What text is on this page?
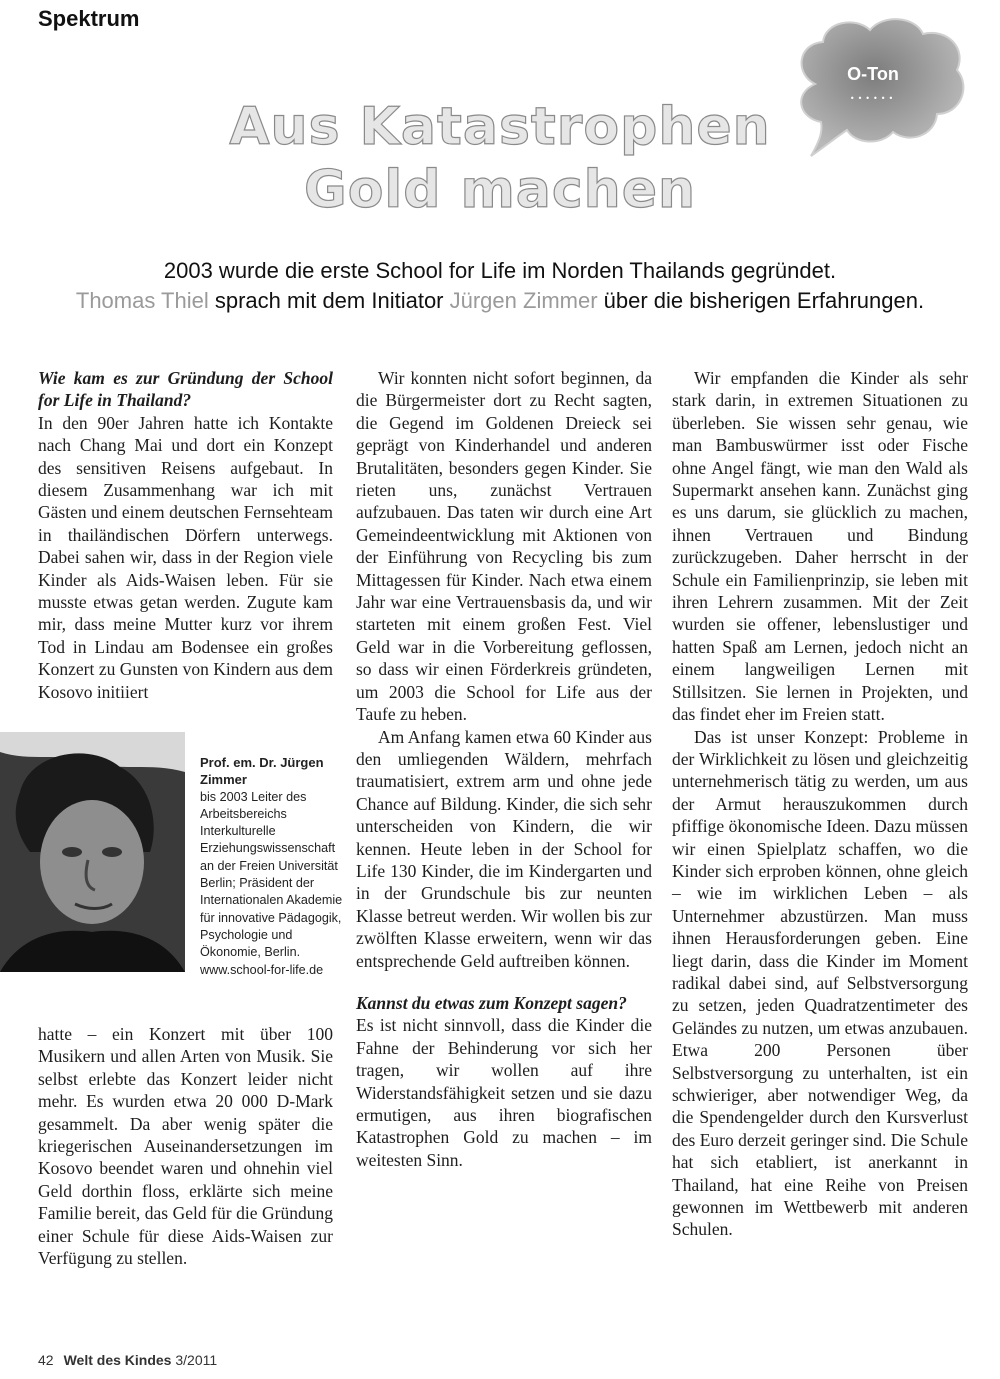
Spektrum
O-Ton
••••••
Aus Katastrophen
Gold machen
2003 wurde die erste School for Life im Norden Thailands gegründet.
Thomas Thiel sprach mit dem Initiator Jürgen Zimmer über die bisherigen Erfahrungen.

Wie kam es zur Gründung der School for Life in Thailand?

In den 90er Jahren hatte ich Kontakte nach Chang Mai und dort ein Konzept des sensitiven Reisens aufgebaut. In diesem Zusammenhang war ich mit Gästen und einem deutschen Fernsehteam in thailändischen Dörfern unterwegs. Dabei sahen wir, dass in der Region viele Kinder als Aids-Waisen leben. Für sie musste etwas getan werden. Zugute kam mir, dass meine Mutter kurz vor ihrem Tod in Lindau am Bodensee ein großes Konzert zu Gunsten von Kindern aus dem Kosovo initiiert

Prof. em. Dr. Jürgen Zimmer
bis 2003 Leiter des Arbeitsbereichs Interkulturelle Erziehungswissenschaft an der Freien Universität Berlin; Präsident der Internationalen Akademie für innovative Pädagogik, Psychologie und Ökonomie, Berlin.
www.school-for-life.de

hatte – ein Konzert mit über 100 Musikern und allen Arten von Musik. Sie selbst erlebte das Konzert leider nicht mehr. Es wurden etwa 20 000 D-Mark gesammelt. Da aber wenig später die kriegerischen Auseinandersetzungen im Kosovo beendet waren und ohnehin viel Geld dorthin floss, erklärte sich meine Familie bereit, das Geld für die Gründung einer Schule für diese Aids-Waisen zur Verfügung zu stellen.

Wir konnten nicht sofort beginnen, da die Bürgermeister dort zu Recht sagten, die Gegend im Goldenen Dreieck sei geprägt von Kinderhandel und anderen Brutalitäten, besonders gegen Kinder. Sie rieten uns, zunächst Vertrauen aufzubauen. Das taten wir durch eine Art Gemeindeentwicklung mit Aktionen von der Einführung von Recycling bis zum Mittagessen für Kinder. Nach etwa einem Jahr war eine Vertrauensbasis da, und wir starteten mit einem großen Fest. Viel Geld war in die Vorbereitung geflossen, so dass wir einen Förderkreis gründeten, um 2003 die School for Life aus der Taufe zu heben.

Am Anfang kamen etwa 60 Kinder aus den umliegenden Wäldern, mehrfach traumatisiert, extrem arm und ohne jede Chance auf Bildung. Kinder, die sich sehr unterscheiden von Kindern, die wir kennen. Heute leben in der School for Life 130 Kinder, die im Kindergarten und in der Grundschule bis zur neunten Klasse betreut werden. Wir wollen bis zur zwölften Klasse erweitern, wenn wir das entsprechende Geld auftreiben können.

Kannst du etwas zum Konzept sagen?

Es ist nicht sinnvoll, dass die Kinder die Fahne der Behinderung vor sich her tragen, wir wollen auf ihre Widerstandsfähigkeit setzen und sie dazu ermutigen, aus ihren biografischen Katastrophen Gold zu machen – im weitesten Sinn.

Wir empfanden die Kinder als sehr stark darin, in extremen Situationen zu überleben. Sie wissen sehr genau, wie man Bambuswürmer isst oder Fische ohne Angel fängt, wie man den Wald als Supermarkt ansehen kann. Zunächst ging es uns darum, sie glücklich zu machen, ihnen Vertrauen und Bindung zurückzugeben. Daher herrscht in der Schule ein Familienprinzip, sie leben mit ihren Lehrern zusammen. Mit der Zeit wurden sie offener, lebenslustiger und hatten Spaß am Lernen, jedoch nicht an einem langweiligen Lernen mit Stillsitzen. Sie lernen in Projekten, und das findet eher im Freien statt.

Das ist unser Konzept: Probleme in der Wirklichkeit zu lösen und gleichzeitig unternehmerisch tätig zu werden, um aus der Armut herauszukommen durch pfiffige ökonomische Ideen. Dazu müssen wir einen Spielplatz schaffen, wo die Kinder sich erproben können, ohne gleich – wie im wirklichen Leben – als Unternehmer abzustürzen. Man muss ihnen Herausforderungen geben. Eine liegt darin, dass die Kinder im Moment radikal dabei sind, auf Selbstversorgung zu setzen, jeden Quadratzentimeter des Geländes zu nutzen, um etwas anzubauen. Etwa 200 Personen über Selbstversorgung zu unterhalten, ist ein schwieriger, aber notwendiger Weg, da die Spendengelder durch den Kursverlust des Euro derzeit geringer sind. Die Schule hat sich etabliert, ist anerkannt in Thailand, hat eine Reihe von Preisen gewonnen im Wettbewerb mit anderen Schulen.

42 Welt des Kindes 3/2011
